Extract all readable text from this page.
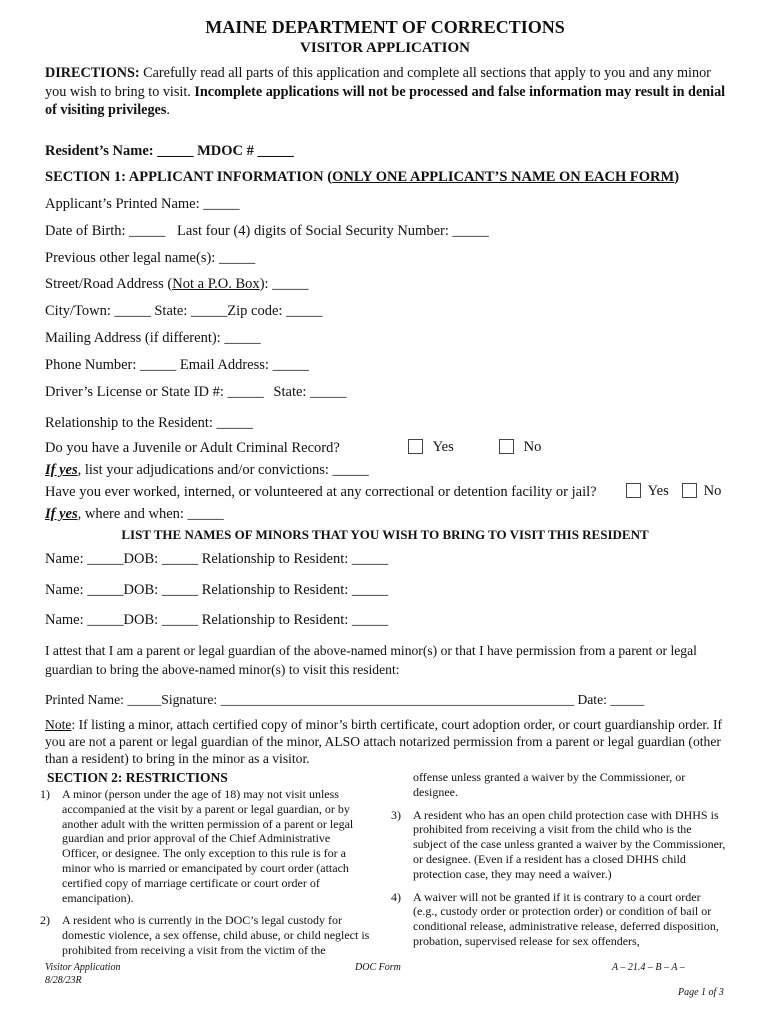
MAINE DEPARTMENT OF CORRECTIONS
VISITOR APPLICATION
DIRECTIONS: Carefully read all parts of this application and complete all sections that apply to you and any minor you wish to bring to visit. Incomplete applications will not be processed and false information may result in denial of visiting privileges.
Resident’s Name: _____ MDOC # _____
SECTION 1: APPLICANT INFORMATION (ONLY ONE APPLICANT’S NAME ON EACH FORM)
Applicant’s Printed Name: _____
Date of Birth: _____ Last four (4) digits of Social Security Number: _____
Previous other legal name(s): _____
Street/Road Address (Not a P.O. Box): _____
City/Town: _____ State: _____Zip code: _____
Mailing Address (if different): _____
Phone Number: _____ Email Address: _____
Driver’s License or State ID #: _____ State: _____
Relationship to the Resident: _____
Do you have a Juvenile or Adult Criminal Record?	Yes	No
If yes, list your adjudications and/or convictions: _____
Have you ever worked, interned, or volunteered at any correctional or detention facility or jail?	Yes	No
If yes, where and when: _____
LIST THE NAMES OF MINORS THAT YOU WISH TO BRING TO VISIT THIS RESIDENT
Name: _____DOB: _____ Relationship to Resident: _____
Name: _____DOB: _____ Relationship to Resident: _____
Name: _____DOB: _____ Relationship to Resident: _____
I attest that I am a parent or legal guardian of the above-named minor(s) or that I have permission from a parent or legal guardian to bring the above-named minor(s) to visit this resident:
Printed Name: _____Signature: ____________________________________________________ Date: _____
Note: If listing a minor, attach certified copy of minor’s birth certificate, court adoption order, or court guardianship order. If you are not a parent or legal guardian of the minor, ALSO attach notarized permission from a parent or legal guardian (other than a resident) to bring in the minor as a visitor.
SECTION 2: RESTRICTIONS
1) A minor (person under the age of 18) may not visit unless accompanied at the visit by a parent or legal guardian, or by another adult with the written permission of a parent or legal guardian and prior approval of the Chief Administrative Officer, or designee. The only exception to this rule is for a minor who is married or emancipated by court order (attach certified copy of marriage certificate or court order of emancipation).
2) A resident who is currently in the DOC’s legal custody for domestic violence, a sex offense, child abuse, or child neglect is prohibited from receiving a visit from the victim of the
offense unless granted a waiver by the Commissioner, or designee.
3) A resident who has an open child protection case with DHHS is prohibited from receiving a visit from the child who is the subject of the case unless granted a waiver by the Commissioner, or designee. (Even if a resident has a closed DHHS child protection case, they may need a waiver.)
4) A waiver will not be granted if it is contrary to a court order (e.g., custody order or protection order) or condition of bail or conditional release, administrative release, deferred disposition, probation, supervised release for sex offenders,
Visitor Application
8/28/23R
DOC Form	A – 21.4 – B – A –
Page 1 of 3
